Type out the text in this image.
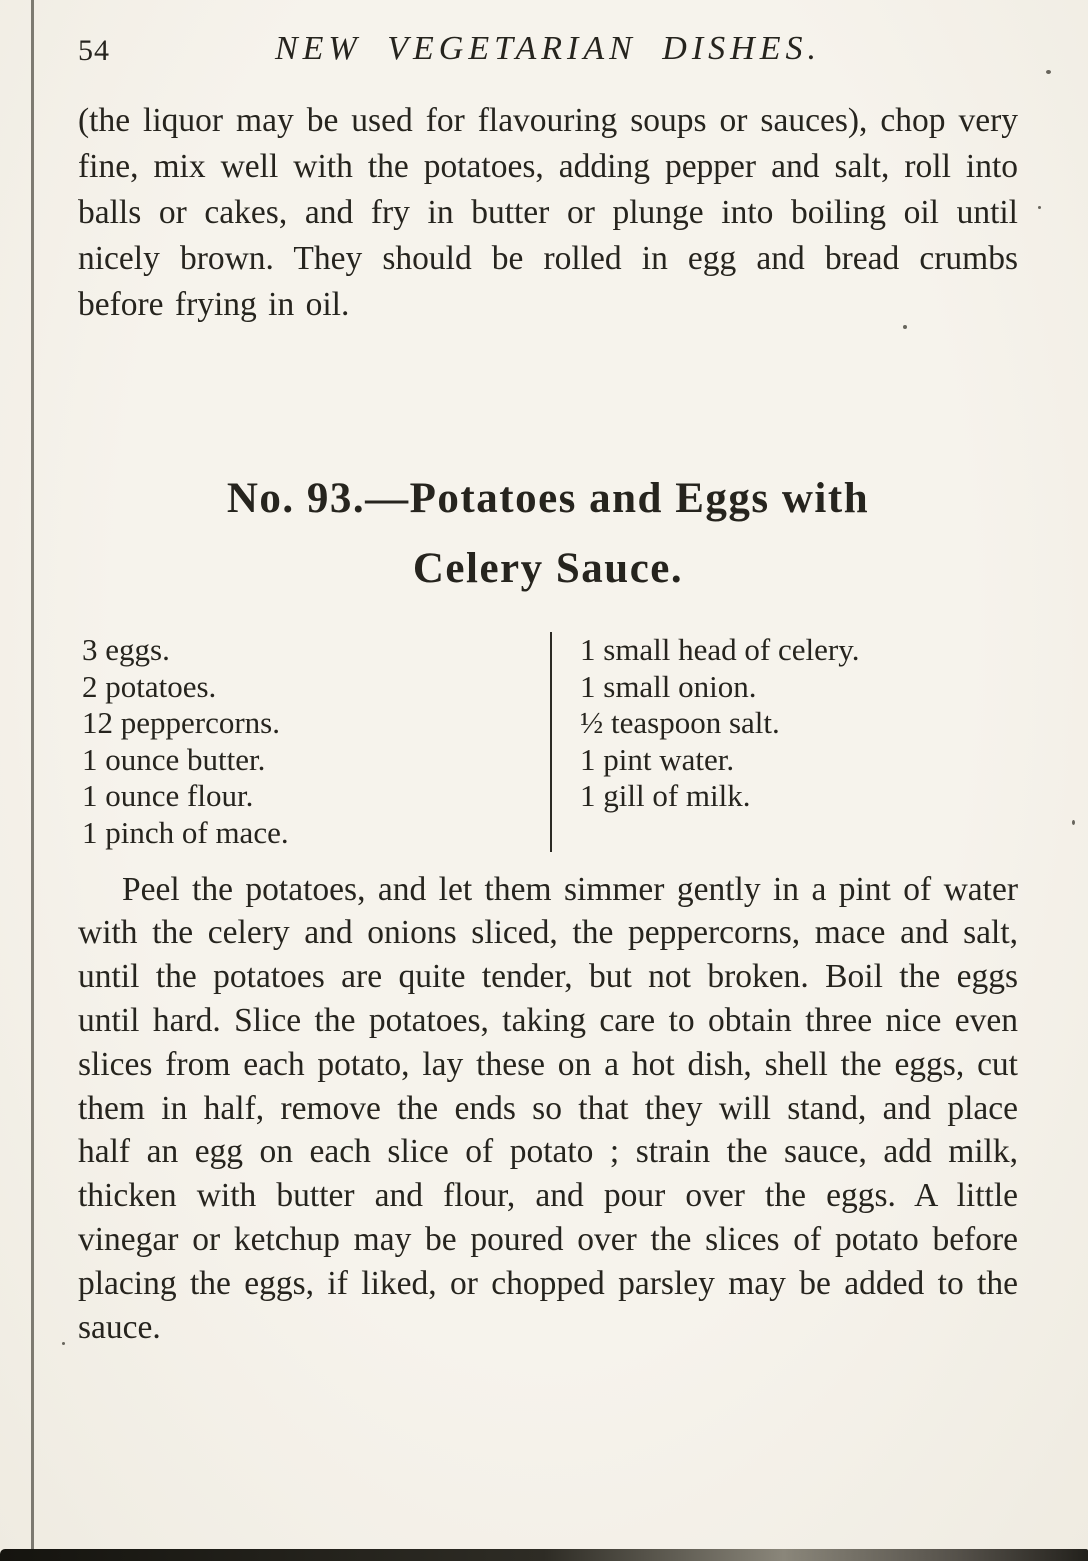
54	NEW VEGETARIAN DISHES.

(the liquor may be used for flavouring soups or sauces), chop very fine, mix well with the potatoes, adding pepper and salt, roll into balls or cakes, and fry in butter or plunge into boiling oil until nicely brown. They should be rolled in egg and bread crumbs before frying in oil.

No. 93.—Potatoes and Eggs with
Celery Sauce.
3 eggs.
2 potatoes.
12 peppercorns.
1 ounce butter.
1 ounce flour.
1 pinch of mace.
1 small head of celery.
1 small onion.
½ teaspoon salt.
1 pint water.
1 gill of milk.

Peel the potatoes, and let them simmer gently in a pint of water with the celery and onions sliced, the peppercorns, mace and salt, until the potatoes are quite tender, but not broken. Boil the eggs until hard. Slice the potatoes, taking care to obtain three nice even slices from each potato, lay these on a hot dish, shell the eggs, cut them in half, remove the ends so that they will stand, and place half an egg on each slice of potato ; strain the sauce, add milk, thicken with butter and flour, and pour over the eggs. A little vinegar or ketchup may be poured over the slices of potato before placing the eggs, if liked, or chopped parsley may be added to the sauce.
